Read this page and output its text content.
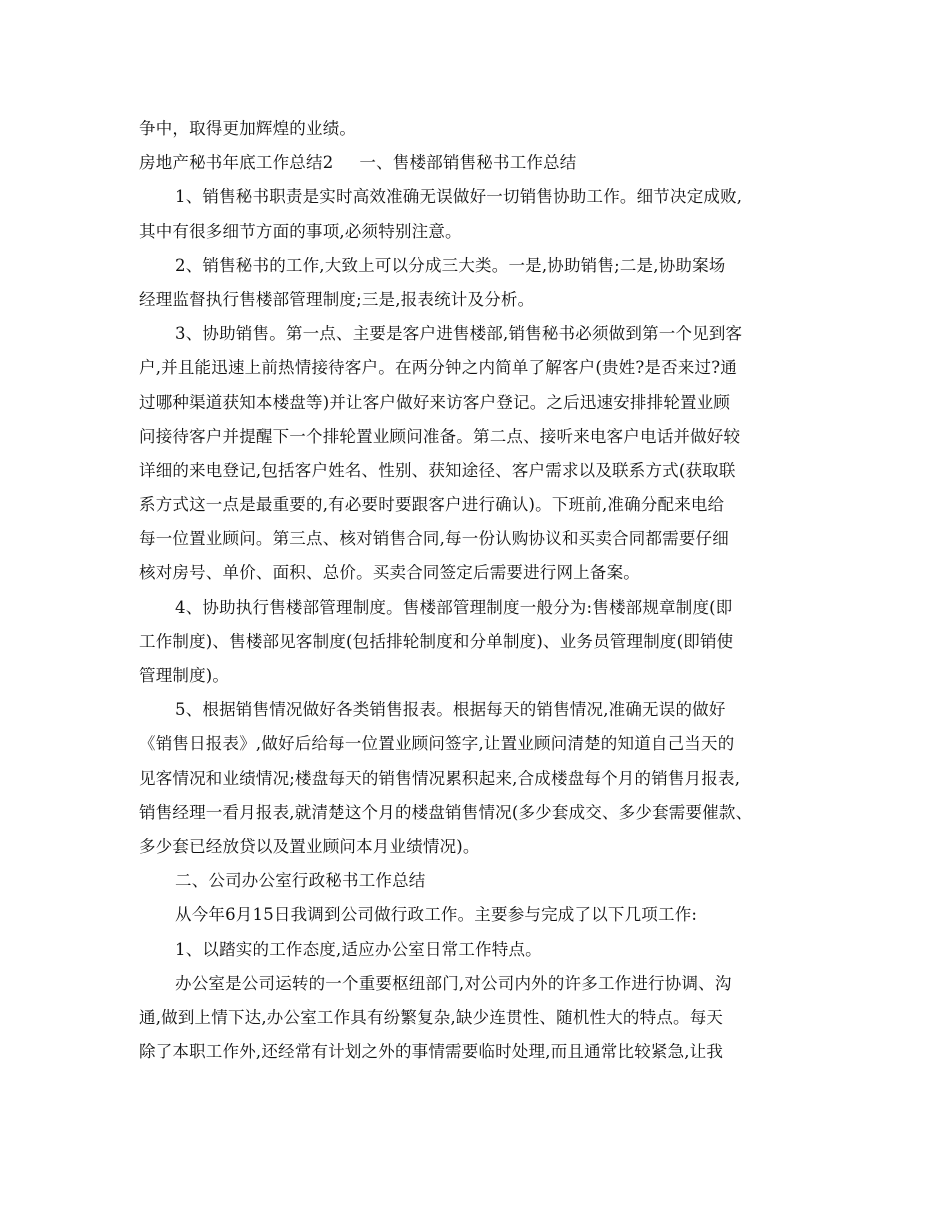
争中，取得更加辉煌的业绩。
房地产秘书年底工作总结2 一、售楼部销售秘书工作总结
1、销售秘书职责是实时高效准确无误做好一切销售协助工作。细节决定成败,
其中有很多细节方面的事项,必须特别注意。
2、销售秘书的工作,大致上可以分成三大类。一是,协助销售;二是,协助案场
经理监督执行售楼部管理制度;三是,报表统计及分析。
3、协助销售。第一点、主要是客户进售楼部,销售秘书必须做到第一个见到客
户,并且能迅速上前热情接待客户。在两分钟之内简单了解客户(贵姓?是否来过?通
过哪种渠道获知本楼盘等)并让客户做好来访客户登记。之后迅速安排排轮置业顾
问接待客户并提醒下一个排轮置业顾问准备。第二点、接听来电客户电话并做好较
详细的来电登记,包括客户姓名、性别、获知途径、客户需求以及联系方式(获取联
系方式这一点是最重要的,有必要时要跟客户进行确认)。下班前,准确分配来电给
每一位置业顾问。第三点、核对销售合同,每一份认购协议和买卖合同都需要仔细
核对房号、单价、面积、总价。买卖合同签定后需要进行网上备案。
4、协助执行售楼部管理制度。售楼部管理制度一般分为:售楼部规章制度(即
工作制度)、售楼部见客制度(包括排轮制度和分单制度)、业务员管理制度(即销使
管理制度)。
5、根据销售情况做好各类销售报表。根据每天的销售情况,准确无误的做好
《销售日报表》,做好后给每一位置业顾问签字,让置业顾问清楚的知道自己当天的
见客情况和业绩情况;楼盘每天的销售情况累积起来,合成楼盘每个月的销售月报表,
销售经理一看月报表,就清楚这个月的楼盘销售情况(多少套成交、多少套需要催款、
多少套已经放贷以及置业顾问本月业绩情况)。
二、公司办公室行政秘书工作总结
从今年6月15日我调到公司做行政工作。主要参与完成了以下几项工作:
1、以踏实的工作态度,适应办公室日常工作特点。
办公室是公司运转的一个重要枢纽部门,对公司内外的许多工作进行协调、沟
通,做到上情下达,办公室工作具有纷繁复杂,缺少连贯性、随机性大的特点。每天
除了本职工作外,还经常有计划之外的事情需要临时处理,而且通常比较紧急,让我
